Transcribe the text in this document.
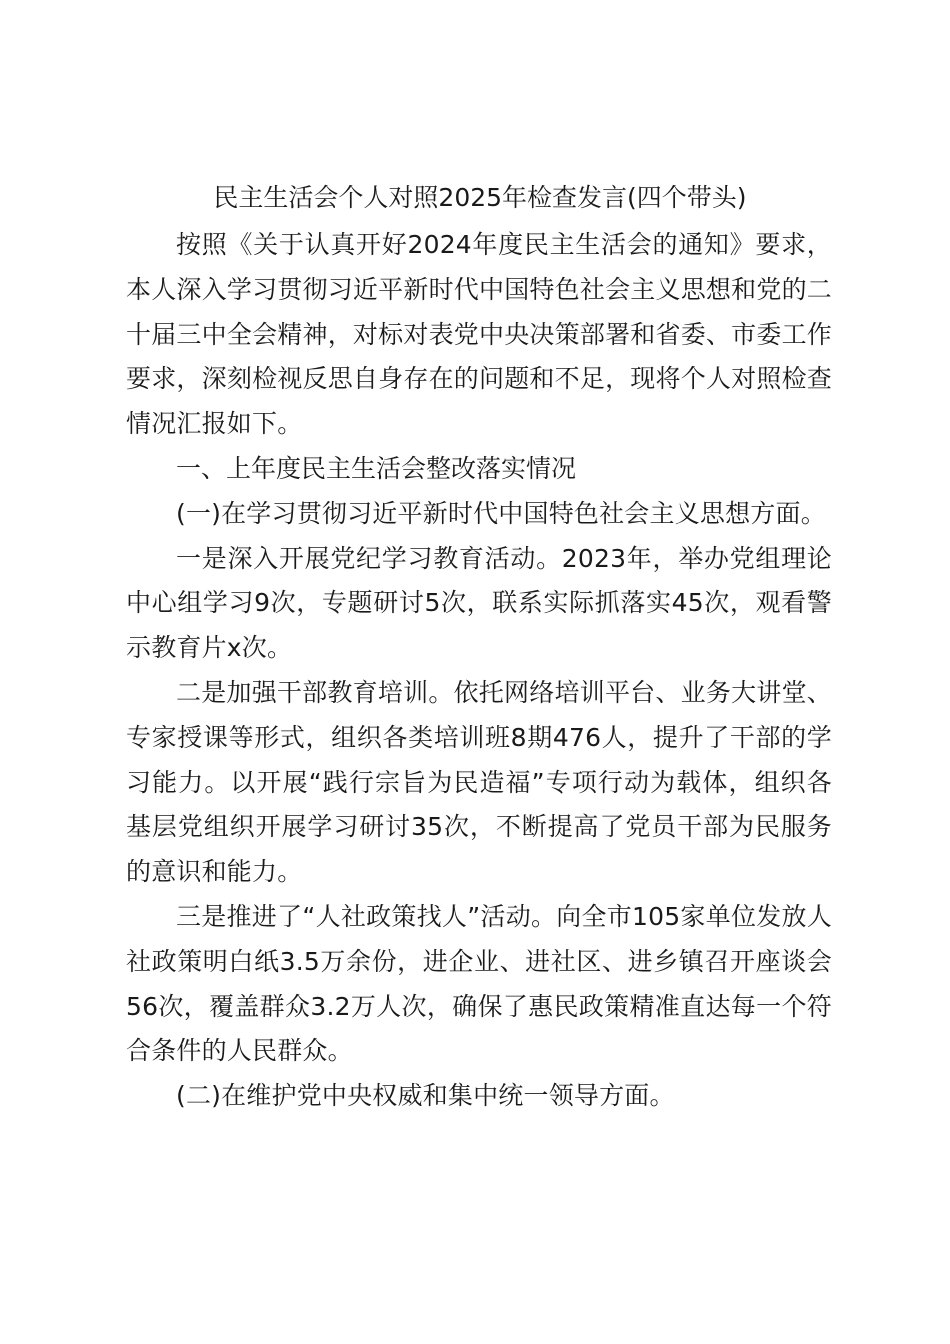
民主生活会个人对照2025年检查发言(四个带头)

按照《关于认真开好2024年度民主生活会的通知》要求，本人深入学习贯彻习近平新时代中国特色社会主义思想和党的二十届三中全会精神，对标对表党中央决策部署和省委、市委工作要求，深刻检视反思自身存在的问题和不足，现将个人对照检查情况汇报如下。

一、上年度民主生活会整改落实情况

(一)在学习贯彻习近平新时代中国特色社会主义思想方面。

一是深入开展党纪学习教育活动。2023年，举办党组理论中心组学习9次，专题研讨5次，联系实际抓落实45次，观看警示教育片x次。

二是加强干部教育培训。依托网络培训平台、业务大讲堂、专家授课等形式，组织各类培训班8期476人，提升了干部的学习能力。以开展“践行宗旨为民造福”专项行动为载体，组织各基层党组织开展学习研讨35次，不断提高了党员干部为民服务的意识和能力。

三是推进了“人社政策找人”活动。向全市105家单位发放人社政策明白纸3.5万余份，进企业、进社区、进乡镇召开座谈会56次，覆盖群众3.2万人次，确保了惠民政策精准直达每一个符合条件的人民群众。

(二)在维护党中央权威和集中统一领导方面。
